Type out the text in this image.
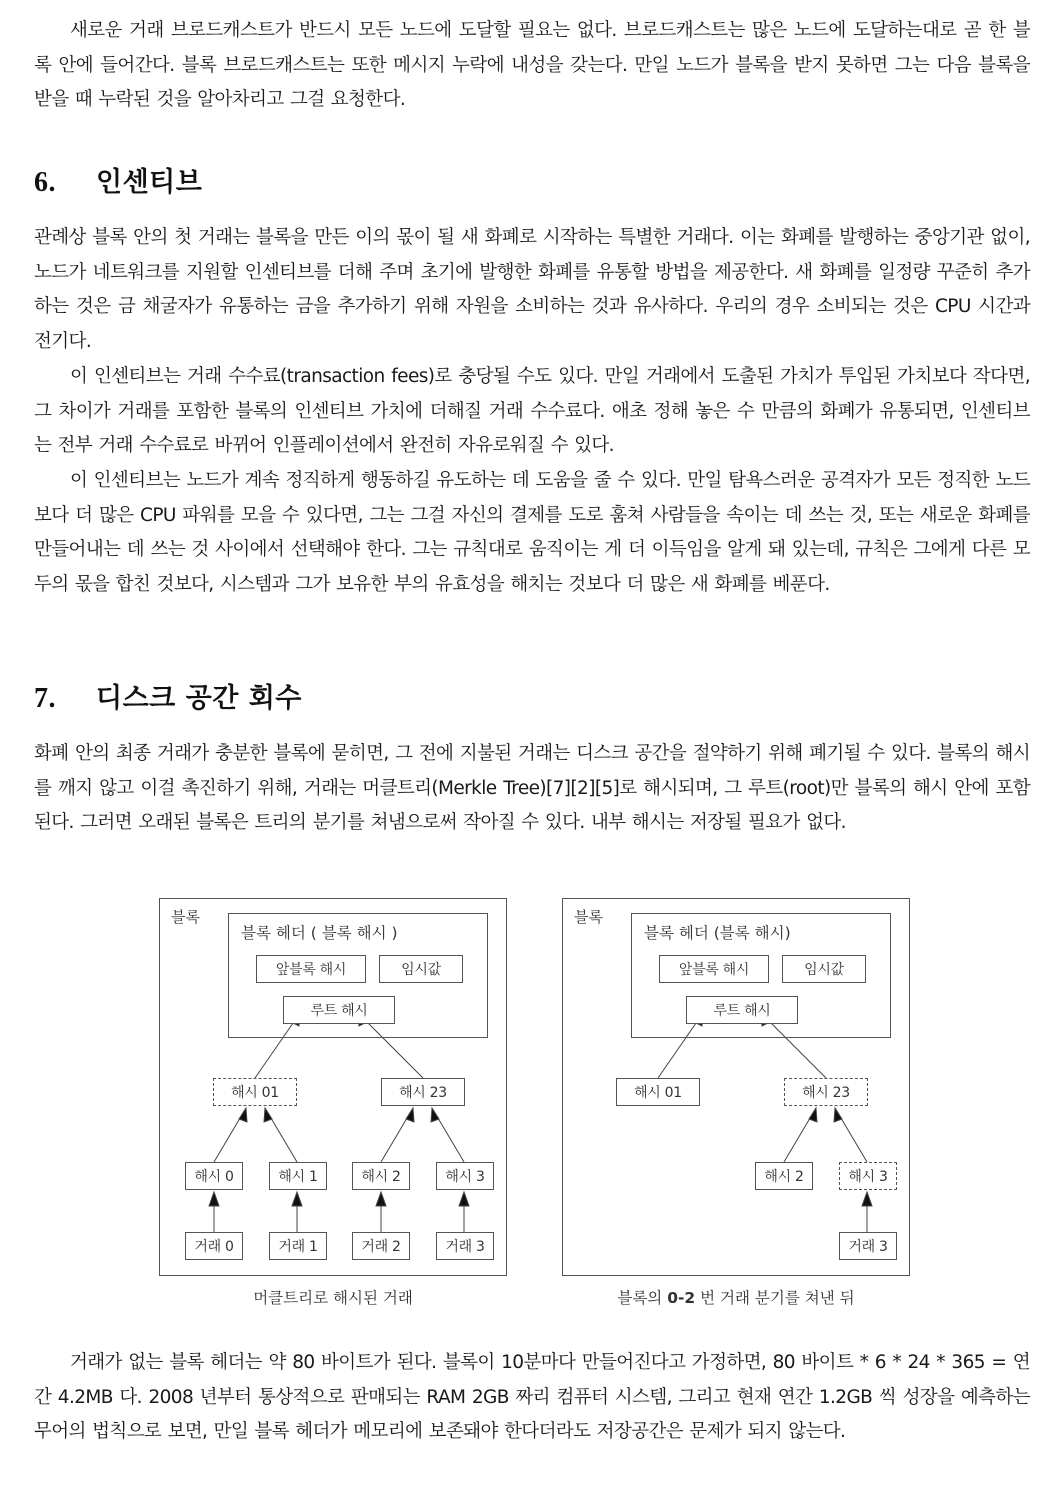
새로운 거래 브로드캐스트가 반드시 모든 노드에 도달할 필요는 없다. 브로드캐스트는 많은 노드에 도달하는대로 곧 한 블록 안에 들어간다. 블록 브로드캐스트는 또한 메시지 누락에 내성을 갖는다. 만일 노드가 블록을 받지 못하면 그는 다음 블록을 받을 때 누락된 것을 알아차리고 그걸 요청한다.

6. 인센티브

관례상 블록 안의 첫 거래는 블록을 만든 이의 몫이 될 새 화폐로 시작하는 특별한 거래다. 이는 화폐를 발행하는 중앙기관 없이, 노드가 네트워크를 지원할 인센티브를 더해 주며 초기에 발행한 화폐를 유통할 방법을 제공한다. 새 화폐를 일정량 꾸준히 추가하는 것은 금 채굴자가 유통하는 금을 추가하기 위해 자원을 소비하는 것과 유사하다. 우리의 경우 소비되는 것은 CPU 시간과 전기다.

이 인센티브는 거래 수수료(transaction fees)로 충당될 수도 있다. 만일 거래에서 도출된 가치가 투입된 가치보다 작다면, 그 차이가 거래를 포함한 블록의 인센티브 가치에 더해질 거래 수수료다. 애초 정해 놓은 수 만큼의 화폐가 유통되면, 인센티브는 전부 거래 수수료로 바뀌어 인플레이션에서 완전히 자유로워질 수 있다.

이 인센티브는 노드가 계속 정직하게 행동하길 유도하는 데 도움을 줄 수 있다. 만일 탐욕스러운 공격자가 모든 정직한 노드보다 더 많은 CPU 파워를 모을 수 있다면, 그는 그걸 자신의 결제를 도로 훔쳐 사람들을 속이는 데 쓰는 것, 또는 새로운 화폐를 만들어내는 데 쓰는 것 사이에서 선택해야 한다. 그는 규칙대로 움직이는 게 더 이득임을 알게 돼 있는데, 규칙은 그에게 다른 모두의 몫을 합친 것보다, 시스템과 그가 보유한 부의 유효성을 해치는 것보다 더 많은 새 화폐를 베푼다.

7. 디스크 공간 회수

화폐 안의 최종 거래가 충분한 블록에 묻히면, 그 전에 지불된 거래는 디스크 공간을 절약하기 위해 폐기될 수 있다. 블록의 해시를 깨지 않고 이걸 촉진하기 위해, 거래는 머클트리(Merkle Tree)[7][2][5]로 해시되며, 그 루트(root)만 블록의 해시 안에 포함된다. 그러면 오래된 블록은 트리의 분기를 쳐냄으로써 작아질 수 있다. 내부 해시는 저장될 필요가 없다.

블록
블록 헤더 ( 블록 해시 )
앞블록 해시	임시값
루트 해시
해시 01	해시 23
해시 0	해시 1	해시 2	해시 3
거래 0	거래 1	거래 2	거래 3
머클트리로 해시된 거래
블록
블록 헤더 (블록 해시)
앞블록 해시	임시값
루트 해시
해시 01	해시 23
해시 2	해시 3
거래 3
블록의 0-2 번 거래 분기를 쳐낸 뒤

거래가 없는 블록 헤더는 약 80 바이트가 된다. 블록이 10분마다 만들어진다고 가정하면, 80 바이트 * 6 * 24 * 365 = 연간 4.2MB 다. 2008 년부터 통상적으로 판매되는 RAM 2GB 짜리 컴퓨터 시스템, 그리고 현재 연간 1.2GB 씩 성장을 예측하는 무어의 법칙으로 보면, 만일 블록 헤더가 메모리에 보존돼야 한다더라도 저장공간은 문제가 되지 않는다.
